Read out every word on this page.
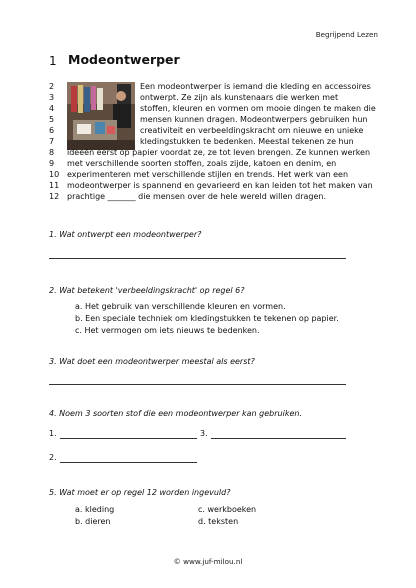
Begrijpend Lezen
1 Modeontwerper
2	Een modeontwerper is iemand die kleding en accessoires
3	ontwerpt. Ze zijn als kunstenaars die werken met
4	stoffen, kleuren en vormen om mooie dingen te maken die
5	mensen kunnen dragen. Modeontwerpers gebruiken hun
6	creativiteit en verbeeldingskracht om nieuwe en unieke
7	kledingstukken te bedenken. Meestal tekenen ze hun
8	ideeën eerst op papier voordat ze, ze tot leven brengen. Ze kunnen werken
9	met verschillende soorten stoffen, zoals zijde, katoen en denim, en
10 experimenteren met verschillende stijlen en trends. Het werk van een
11 modeontwerper is spannend en gevarieerd en kan leiden tot het maken van
12 prachtige _______ die mensen over de hele wereld willen dragen.
1. Wat ontwerpt een modeontwerper?
2. Wat betekent 'verbeeldingskracht' op regel 6?
a. Het gebruik van verschillende kleuren en vormen.
b. Een speciale techniek om kledingstukken te tekenen op papier.
c. Het vermogen om iets nieuws te bedenken.
3. Wat doet een modeontwerper meestal als eerst?
4. Noem 3 soorten stof die een modeontwerper kan gebruiken.
1.	3.
2.
5. Wat moet er op regel 12 worden ingevuld?
a. kleding	c. werkboeken
b. dieren	d. teksten
© www.juf-milou.nl
